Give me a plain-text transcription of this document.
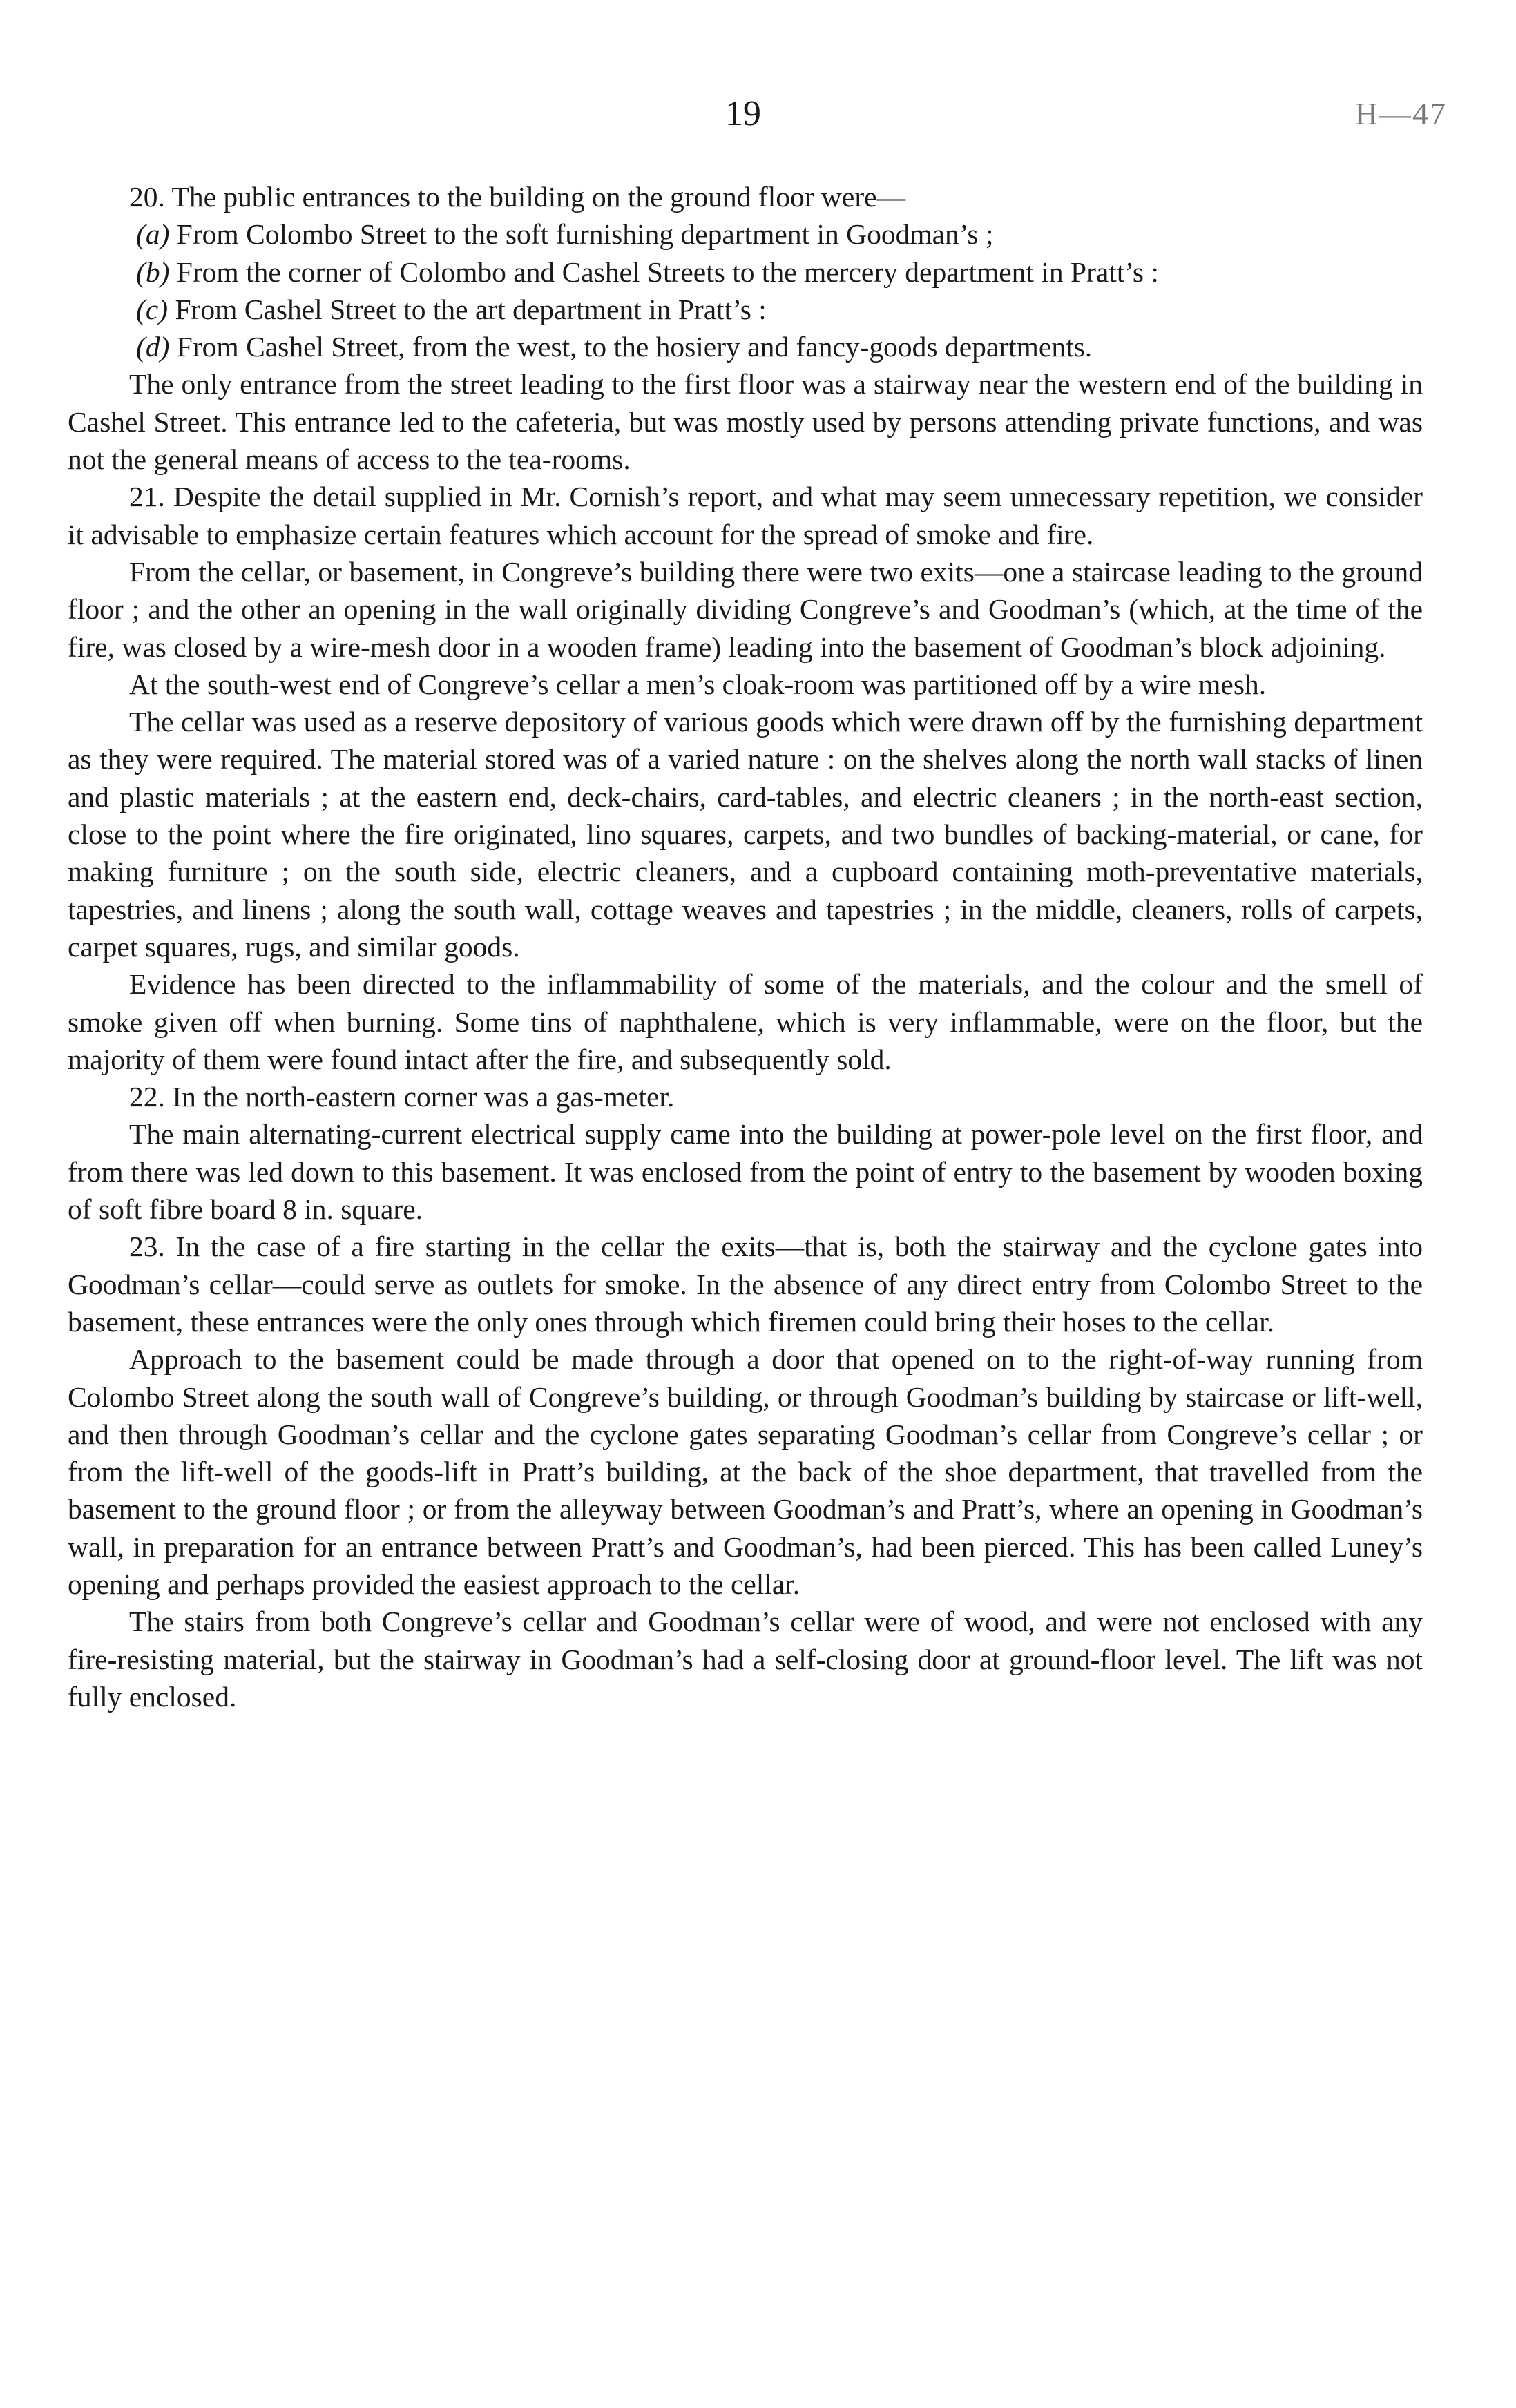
19	H—47

20. The public entrances to the building on the ground floor were—

(a) From Colombo Street to the soft furnishing department in Goodman’s ;

(b) From the corner of Colombo and Cashel Streets to the mercery department in Pratt’s :

(c) From Cashel Street to the art department in Pratt’s :

(d) From Cashel Street, from the west, to the hosiery and fancy-goods departments.

The only entrance from the street leading to the first floor was a stairway near the western end of the building in Cashel Street. This entrance led to the cafeteria, but was mostly used by persons attending private functions, and was not the general means of access to the tea-rooms.

21. Despite the detail supplied in Mr. Cornish’s report, and what may seem unnecessary repetition, we consider it advisable to emphasize certain features which account for the spread of smoke and fire.

From the cellar, or basement, in Congreve’s building there were two exits—one a staircase leading to the ground floor ; and the other an opening in the wall originally dividing Congreve’s and Goodman’s (which, at the time of the fire, was closed by a wire-mesh door in a wooden frame) leading into the basement of Goodman’s block adjoining.

At the south-west end of Congreve’s cellar a men’s cloak-room was partitioned off by a wire mesh.

The cellar was used as a reserve depository of various goods which were drawn off by the furnishing department as they were required. The material stored was of a varied nature : on the shelves along the north wall stacks of linen and plastic materials ; at the eastern end, deck-chairs, card-tables, and electric cleaners ; in the north-east section, close to the point where the fire originated, lino squares, carpets, and two bundles of backing-material, or cane, for making furniture ; on the south side, electric cleaners, and a cupboard containing moth-preventative materials, tapestries, and linens ; along the south wall, cottage weaves and tapestries ; in the middle, cleaners, rolls of carpets, carpet squares, rugs, and similar goods.

Evidence has been directed to the inflammability of some of the materials, and the colour and the smell of smoke given off when burning. Some tins of naphthalene, which is very inflammable, were on the floor, but the majority of them were found intact after the fire, and subsequently sold.

22. In the north-eastern corner was a gas-meter.

The main alternating-current electrical supply came into the building at power-pole level on the first floor, and from there was led down to this basement. It was enclosed from the point of entry to the basement by wooden boxing of soft fibre board 8 in. square.

23. In the case of a fire starting in the cellar the exits—that is, both the stairway and the cyclone gates into Goodman’s cellar—could serve as outlets for smoke. In the absence of any direct entry from Colombo Street to the basement, these entrances were the only ones through which firemen could bring their hoses to the cellar.

Approach to the basement could be made through a door that opened on to the right-of-way running from Colombo Street along the south wall of Congreve’s building, or through Goodman’s building by staircase or lift-well, and then through Goodman’s cellar and the cyclone gates separating Goodman’s cellar from Congreve’s cellar ; or from the lift-well of the goods-lift in Pratt’s building, at the back of the shoe department, that travelled from the basement to the ground floor ; or from the alleyway between Goodman’s and Pratt’s, where an opening in Goodman’s wall, in preparation for an entrance between Pratt’s and Goodman’s, had been pierced. This has been called Luney’s opening and perhaps provided the easiest approach to the cellar.

The stairs from both Congreve’s cellar and Goodman’s cellar were of wood, and were not enclosed with any fire-resisting material, but the stairway in Goodman’s had a self-closing door at ground-floor level. The lift was not fully enclosed.
